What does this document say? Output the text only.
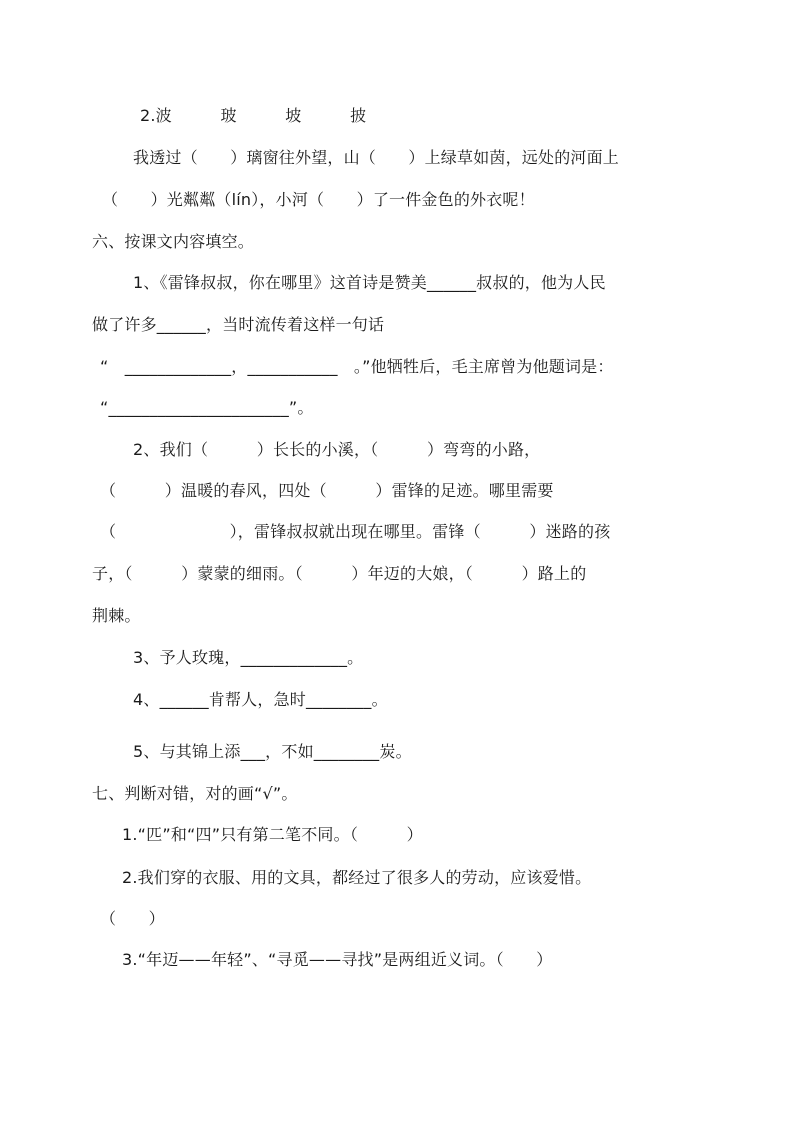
2.波　　　玻　　　坡　　　披
我透过（　　）璃窗往外望，山（　　）上绿草如茵，远处的河面上
（　　）光粼粼（lín），小河（　　）了一件金色的外衣呢！
六、按课文内容填空。
1、《雷锋叔叔，你在哪里》这首诗是赞美______叔叔的，他为人民
做了许多______，当时流传着这样一句话
“　_____________，___________　。”他牺牲后，毛主席曾为他题词是：
“______________________”。
2、我们（　　　）长长的小溪，（　　　）弯弯的小路，
（　　　）温暖的春风，四处（　　　）雷锋的足迹。哪里需要
（　　　　　　　），雷锋叔叔就出现在哪里。雷锋（　　　）迷路的孩
子，（　　　）蒙蒙的细雨。（　　　）年迈的大娘，（　　　）路上的
荆棘。
3、予人玫瑰，_____________。
4、______肯帮人，急时________。
5、与其锦上添___，不如________炭。
七、判断对错，对的画“√”。
1.“匹”和“四”只有第二笔不同。（　　　）
2.我们穿的衣服、用的文具，都经过了很多人的劳动，应该爱惜。
（　　）
3.“年迈——年轻”、“寻觅——寻找”是两组近义词。（　　）
